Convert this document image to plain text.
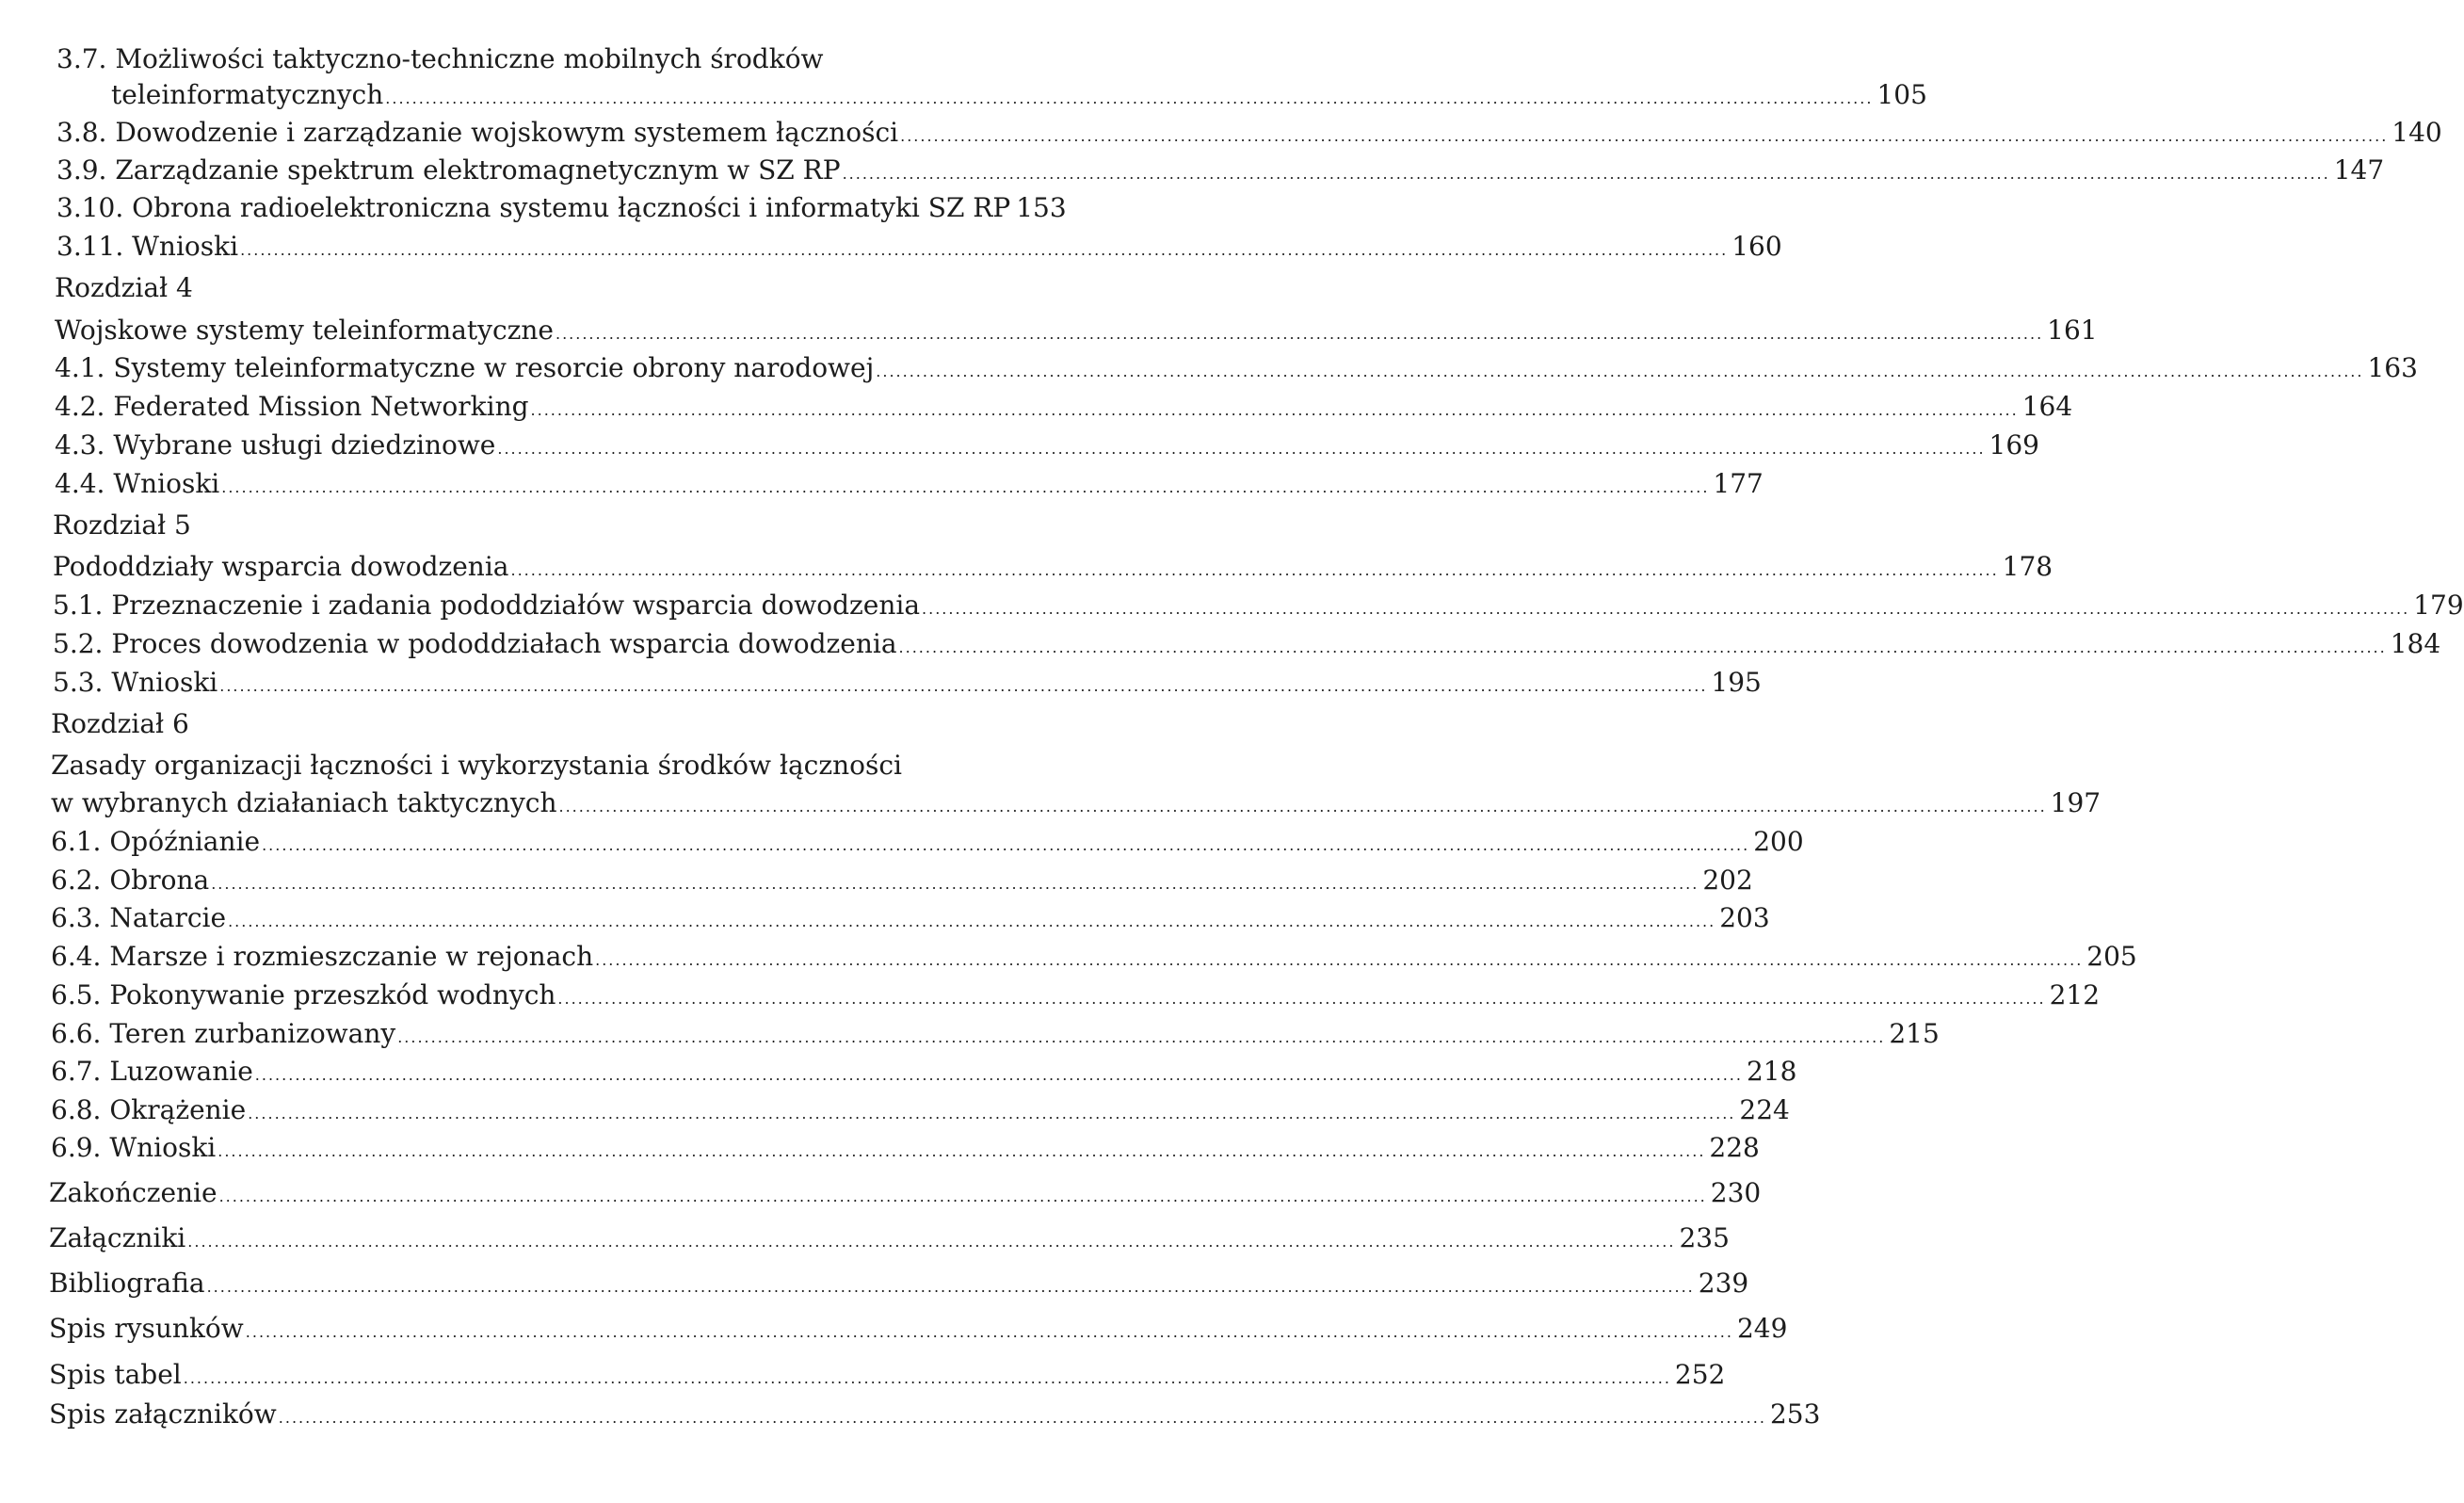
3.7. Możliwości taktyczno-techniczne mobilnych środków
teleinformatycznych .....	105
3.8. Dowodzenie i zarządzanie wojskowym systemem łączności .....	140
3.9. Zarządzanie spektrum elektromagnetycznym w SZ RP .....	147
3.10. Obrona radioelektroniczna systemu łączności i informatyki SZ RP 153
3.11. Wnioski .....	160
Rozdział 4
Wojskowe systemy teleinformatyczne .....	161
4.1. Systemy teleinformatyczne w resorcie obrony narodowej .....	163
4.2. Federated Mission Networking .....	164
4.3. Wybrane usługi dziedzinowe .....	169
4.4. Wnioski .....	177
Rozdział 5
Pododdziały wsparcia dowodzenia .....	178
5.1. Przeznaczenie i zadania pododdziałów wsparcia dowodzenia .....	179
5.2. Proces dowodzenia w pododdziałach wsparcia dowodzenia .....	184
5.3. Wnioski .....	195
Rozdział 6
Zasady organizacji łączności i wykorzystania środków łączności
w wybranych działaniach taktycznych .....	197
6.1. Opóźnianie .....	200
6.2. Obrona .....	202
6.3. Natarcie .....	203
6.4. Marsze i rozmieszczanie w rejonach .....	205
6.5. Pokonywanie przeszkód wodnych .....	212
6.6. Teren zurbanizowany .....	215
6.7. Luzowanie .....	218
6.8. Okrążenie .....	224
6.9. Wnioski .....	228
Zakończenie .....	230
Załączniki .....	235
Bibliografia .....	239
Spis rysunków .....	249
Spis tabel .....	252
Spis załączników .....	253
